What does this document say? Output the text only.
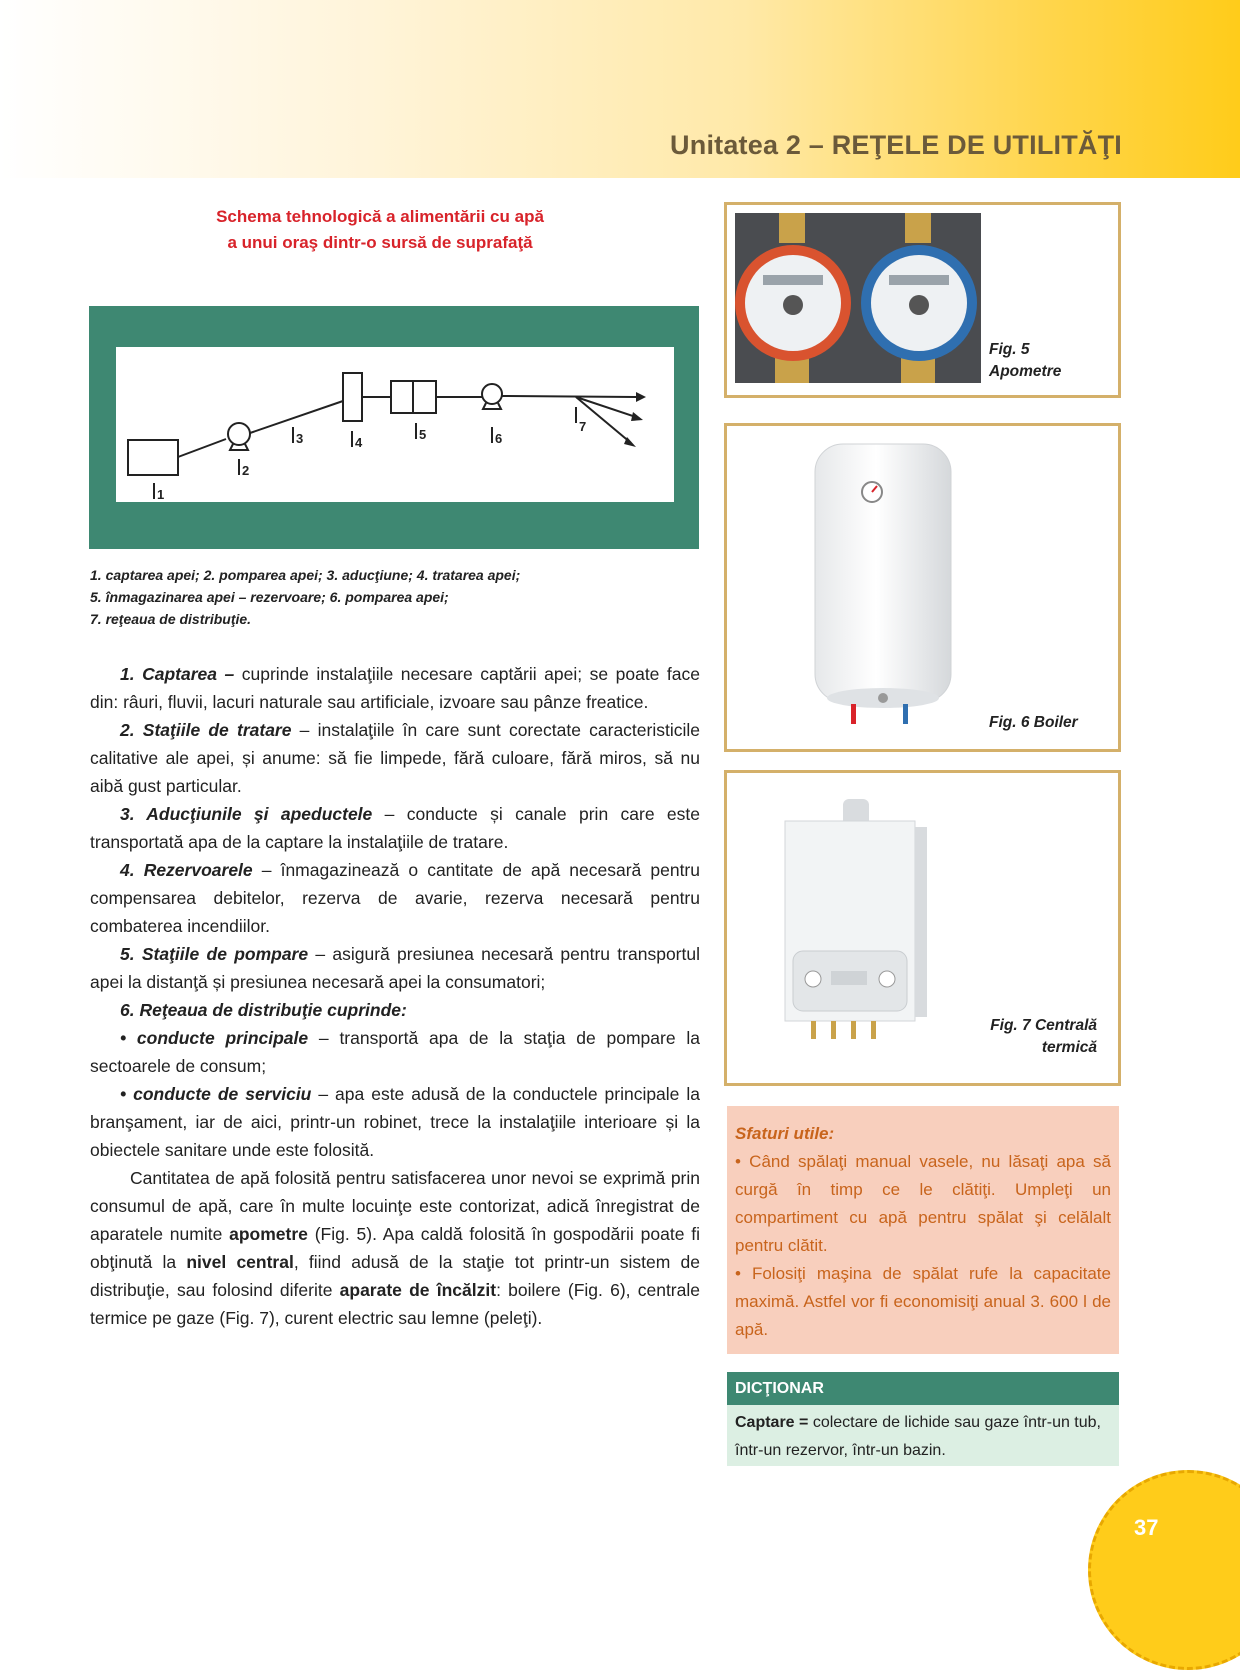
Unitatea 2 – REŢELE DE UTILITĂŢI
Schema tehnologică a alimentării cu apă
a unui oraş dintr-o sursă de suprafaţă
1
2
3	4
5	6
7
1. captarea apei; 2. pomparea apei; 3. aducţiune; 4. tratarea apei;
5. înmagazinarea apei – rezervoare; 6. pomparea apei;
7. reţeaua de distribuţie.

1. Captarea – cuprinde instalaţiile necesare captării apei; se poate face din: râuri, fluvii, lacuri naturale sau artificiale, izvoare sau pânze freatice.

2. Staţiile de tratare – instalaţiile în care sunt corectate caracteristicile calitative ale apei, și anume: să fie limpede, fără culoare, fără miros, să nu aibă gust particular.

3. Aducţiunile şi apeductele – conducte și canale prin care este transportată apa de la captare la instalaţiile de tratare.

4. Rezervoarele – înmagazinează o cantitate de apă necesară pentru compensarea debitelor, rezerva de avarie, rezerva necesară pentru combaterea incendiilor.

5. Staţiile de pompare – asigură presiunea necesară pentru transportul apei la distanţă și presiunea necesară apei la consumatori;

6. Reţeaua de distribuţie cuprinde:

• conducte principale – transportă apa de la staţia de pompare la sectoarele de consum;

• conducte de serviciu – apa este adusă de la conductele principale la branşament, iar de aici, printr-un robinet, trece la instalaţiile interioare și la obiectele sanitare unde este folosită.

Cantitatea de apă folosită pentru satisfacerea unor nevoi se exprimă prin consumul de apă, care în multe locuinţe este contorizat, adică înregistrat de aparatele numite apometre (Fig. 5). Apa caldă folosită în gospodării poate fi obţinută la nivel central, fiind adusă de la staţie tot printr-un sistem de distribuţie, sau folosind diferite aparate de încălzit: boilere (Fig. 6), centrale termice pe gaze (Fig. 7), curent electric sau lemne (peleţi).

Fig. 5
Apometre
Fig. 6 Boiler
Fig. 7 Centrală
termică
Sfaturi utile:

• Când spălaţi manual vasele, nu lăsaţi apa să curgă în timp ce le clătiţi. Umpleţi un compartiment cu apă pentru spălat şi celălalt pentru clătit.

• Folosiţi maşina de spălat rufe la capacitate maximă. Astfel vor fi economisiţi anual 3. 600 l de apă.

DICŢIONAR
Captare = colectare de lichide sau gaze într-un tub, într-un rezervor, într-un bazin.
37
